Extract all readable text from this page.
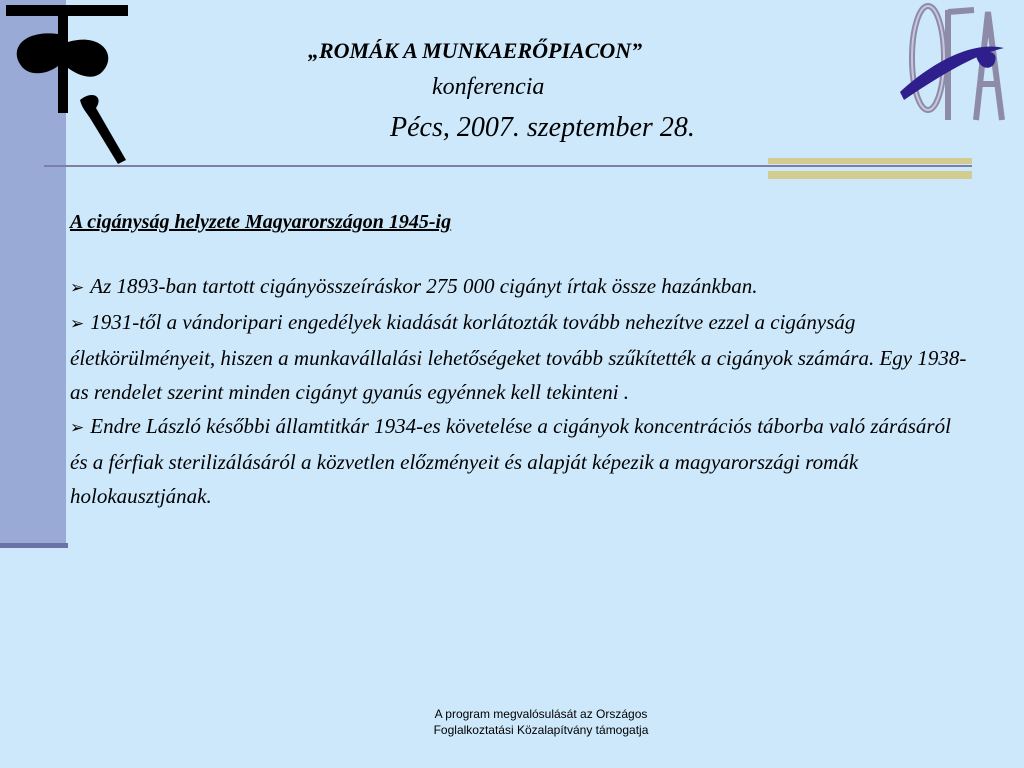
„ROMÁK A MUNKAERŐPIACON”
konferencia
Pécs, 2007. szeptember 28.
A cigányság helyzete Magyarországon 1945-ig

➢ Az 1893-ban tartott cigányösszeíráskor 275 000 cigányt írtak össze hazánkban.

➢ 1931-től a vándoripari engedélyek kiadását korlátozták tovább nehezítve ezzel a cigányság életkörülményeit, hiszen a munkavállalási lehetőségeket tovább szűkítették a cigányok számára. Egy 1938-as rendelet szerint minden cigányt gyanús egyénnek kell tekinteni .

➢ Endre László későbbi államtitkár 1934-es követelése a cigányok koncentrációs táborba való zárásáról és a férfiak sterilizálásáról a közvetlen előzményeit és alapját képezik a magyarországi romák holokausztjának.

A program megvalósulását az Országos
Foglalkoztatási Közalapítvány támogatja
